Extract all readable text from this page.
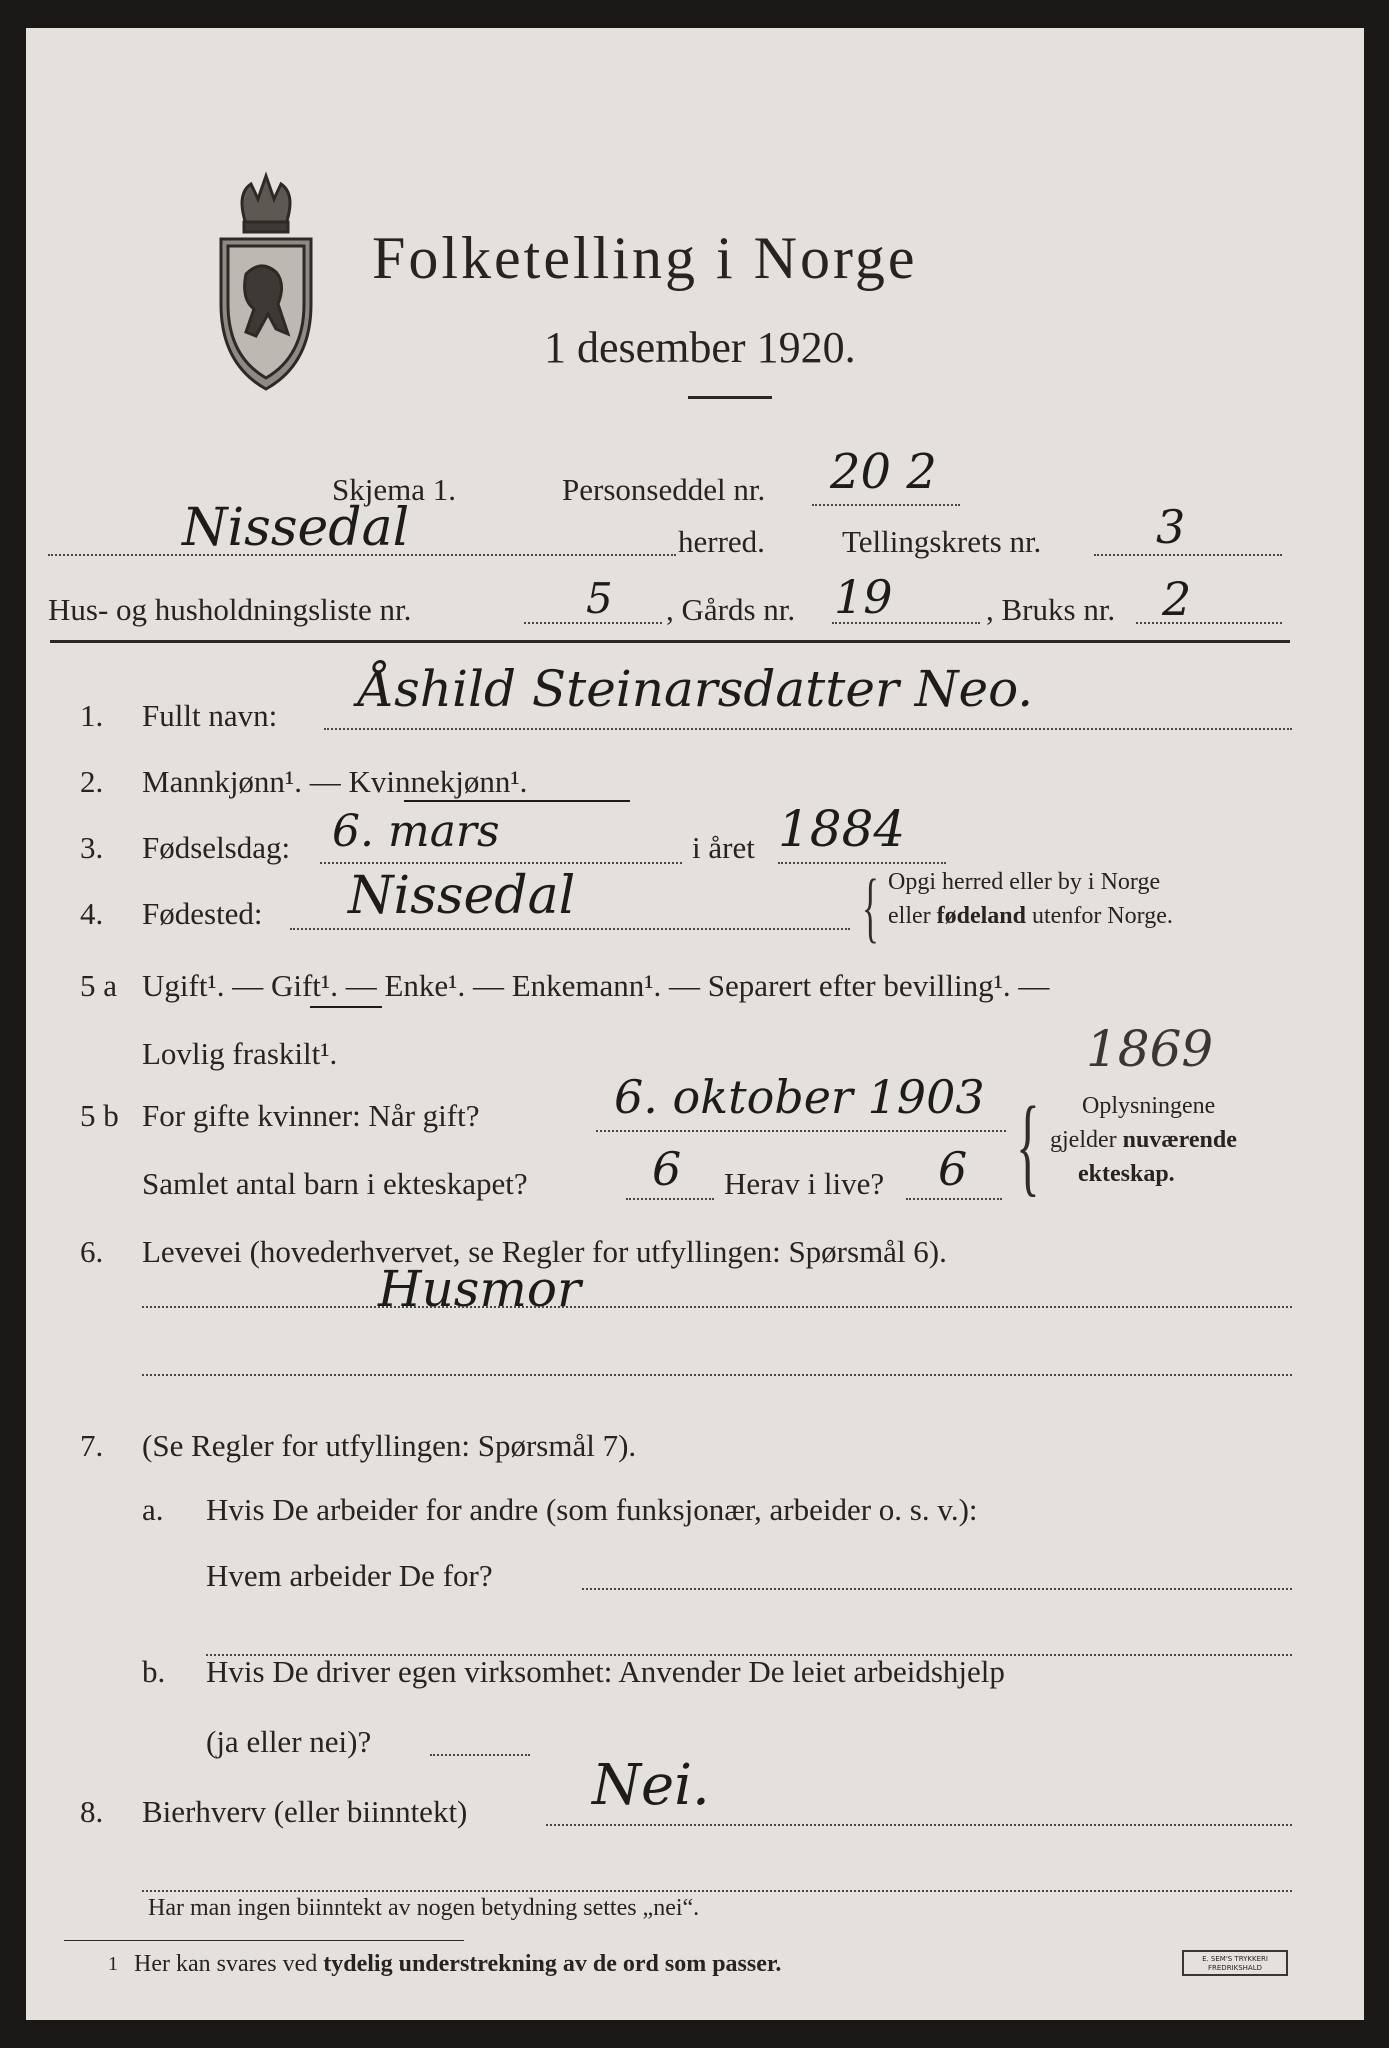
Folketelling i Norge
1 desember 1920.
Skjema 1.	Personseddel nr. 20 2
Nissedal	herred. Tellingskrets nr. 3
Hus- og husholdningsliste nr.	5 , Gårds nr. 19	, Bruks nr. 2
1. Fullt navn: Åshild Steinarsdatter Neo.
2. Mannkjønn¹. — Kvinnekjønn¹.
3. Fødselsdag: 6. mars	i året 1884
4. Fødested: Nissedal	{ Opgi herred eller by i Norge
eller fødeland utenfor Norge.
5 a Ugift¹. — Gift¹. — Enke¹. — Enkemann¹. — Separert efter bevilling¹. —
Lovlig fraskilt¹.	1869
5 b For gifte kvinner: Når gift?	6. oktober 1903
Samlet antal barn i ekteskapet?	6 Herav i live? 6 { Oplysningene
gjelder nuværende
ekteskap.
6. Levevei (hovederhvervet, se Regler for utfyllingen: Spørsmål 6).
Husmor
7. (Se Regler for utfyllingen: Spørsmål 7).
a. Hvis De arbeider for andre (som funksjonær, arbeider o. s. v.):
Hvem arbeider De for?
b. Hvis De driver egen virksomhet: Anvender De leiet arbeidshjelp
(ja eller nei)?
8. Bierhverv (eller biinntekt) Nei.
Har man ingen biinntekt av nogen betydning settes „nei“.
1 Her kan svares ved tydelig understrekning av de ord som passer.	E. SEM'S TRYKKERI
FREDRIKSHALD
